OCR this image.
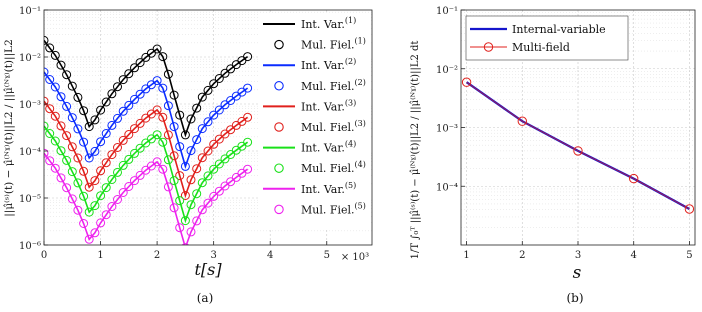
0	1	2	3	4	5
10⁻⁶
10⁻⁵
10⁻⁴
10⁻³
10⁻²
10⁻¹
× 10³
t[s]
||μ̂⁽ˢ⁾(t) − μ̂⁽ᴺˠ⁾(t)||L2 / ||μ̂⁽ᴺˠ⁾(t)||L2
(a)
Int. Var.$^{(1)}$
Mul. Fiel.$^{(1)}$
Int. Var.$^{(2)}$
Mul. Fiel.$^{(2)}$
Int. Var.$^{(3)}$
Mul. Fiel.$^{(3)}$
Int. Var.$^{(4)}$
Mul. Fiel.$^{(4)}$
Int. Var.$^{(5)}$
Mul. Fiel.$^{(5)}$
1	2	3	4	5
10⁻⁴
10⁻³
10⁻²
10⁻¹
s
1/T ∫₀ᵀ ||μ̂⁽ˢ⁾(t) − μ̂⁽ᴺˠ⁾(t)||L2 / ||μ̂⁽ᴺˠ⁾(t)||L2 dt
(b)
Internal-variable
Multi-field
